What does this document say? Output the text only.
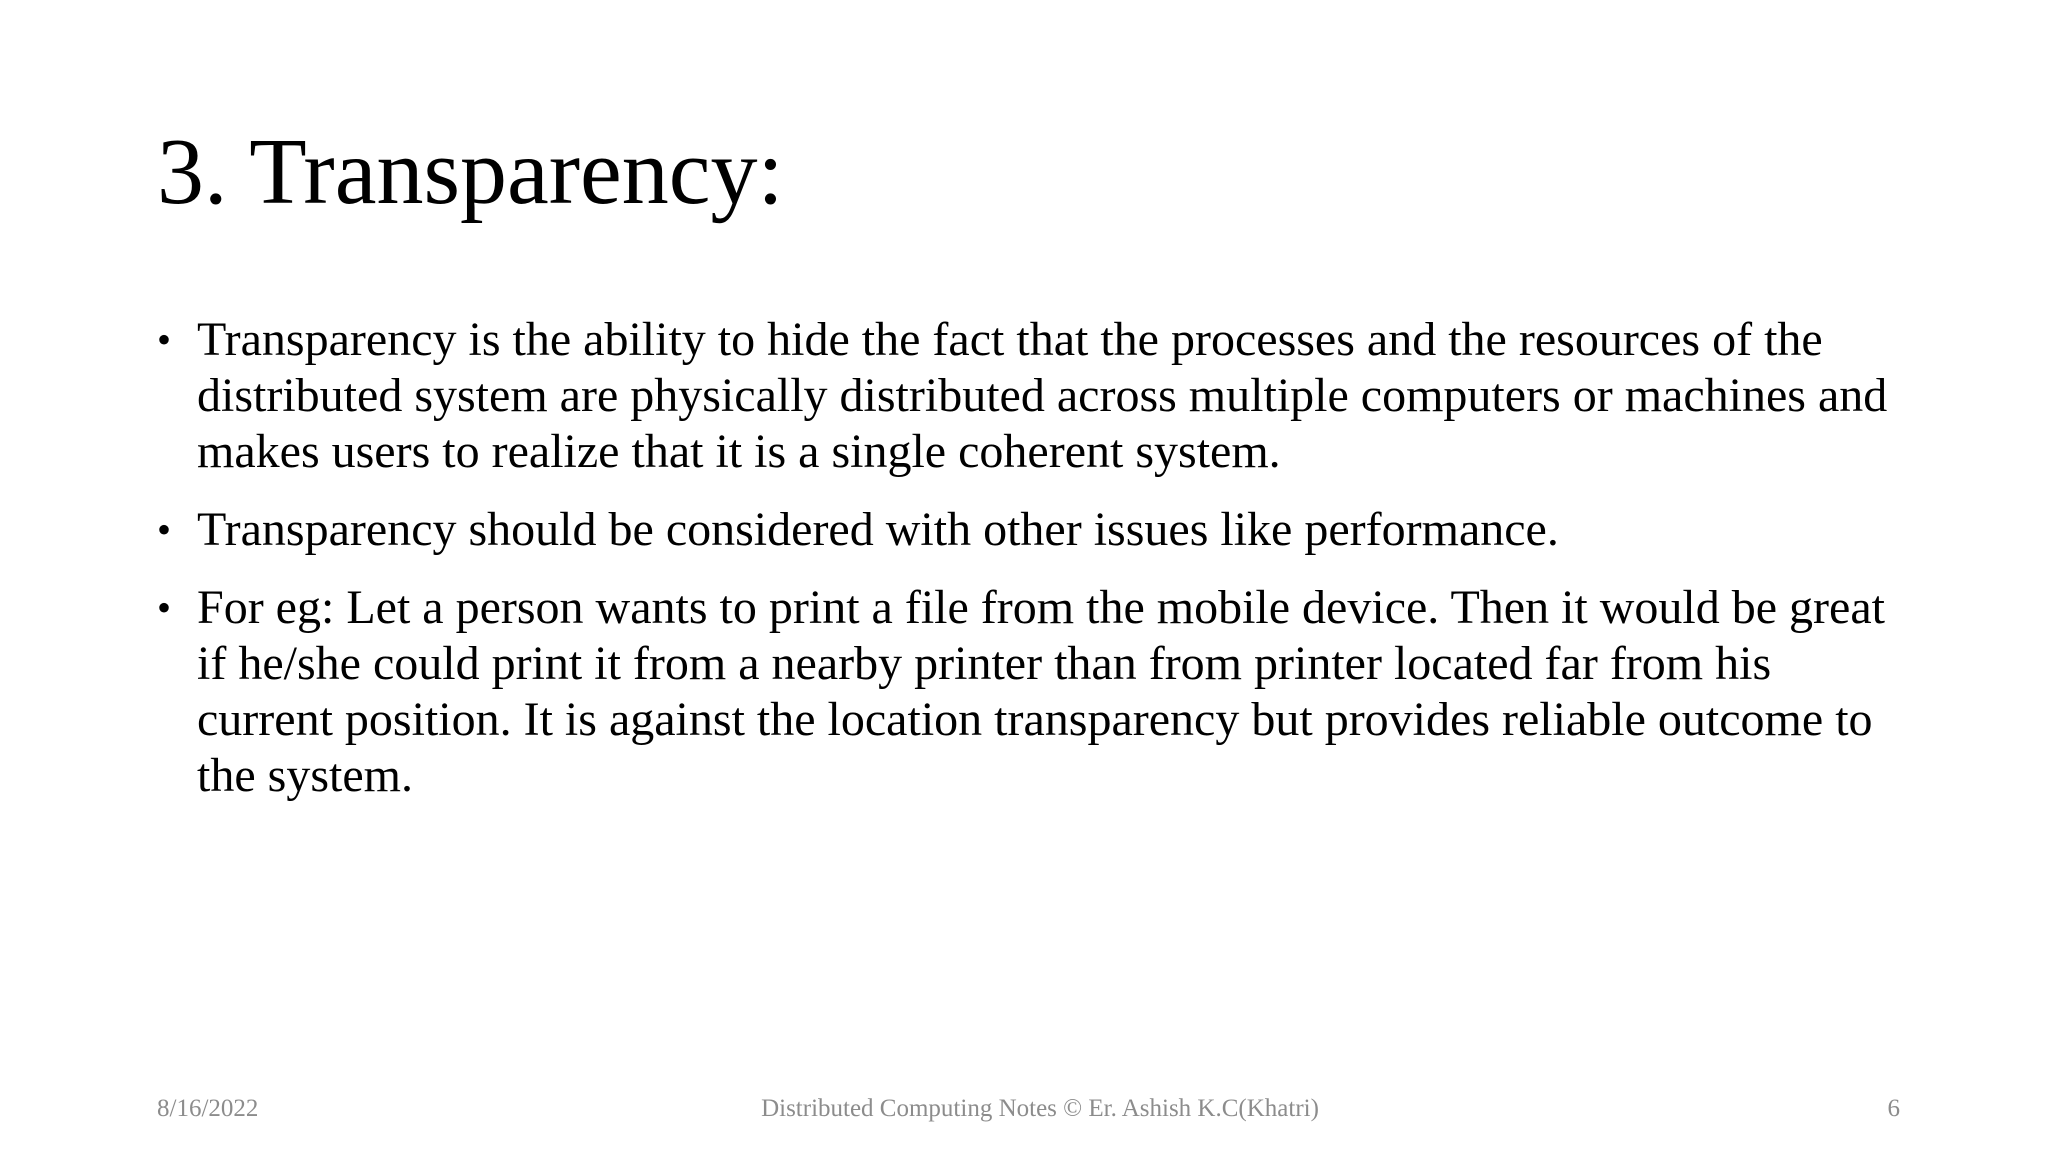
3. Transparency:
• Transparency is the ability to hide the fact that the processes and the resources of the distributed system are physically distributed across multiple computers or machines and makes users to realize that it is a single coherent system.
• Transparency should be considered with other issues like performance.
• For eg: Let a person wants to print a file from the mobile device. Then it would be great if he/she could print it from a nearby printer than from printer located far from his current position. It is against the location transparency but provides reliable outcome to the system.
8/16/2022	Distributed Computing Notes © Er. Ashish K.C(Khatri)	6
